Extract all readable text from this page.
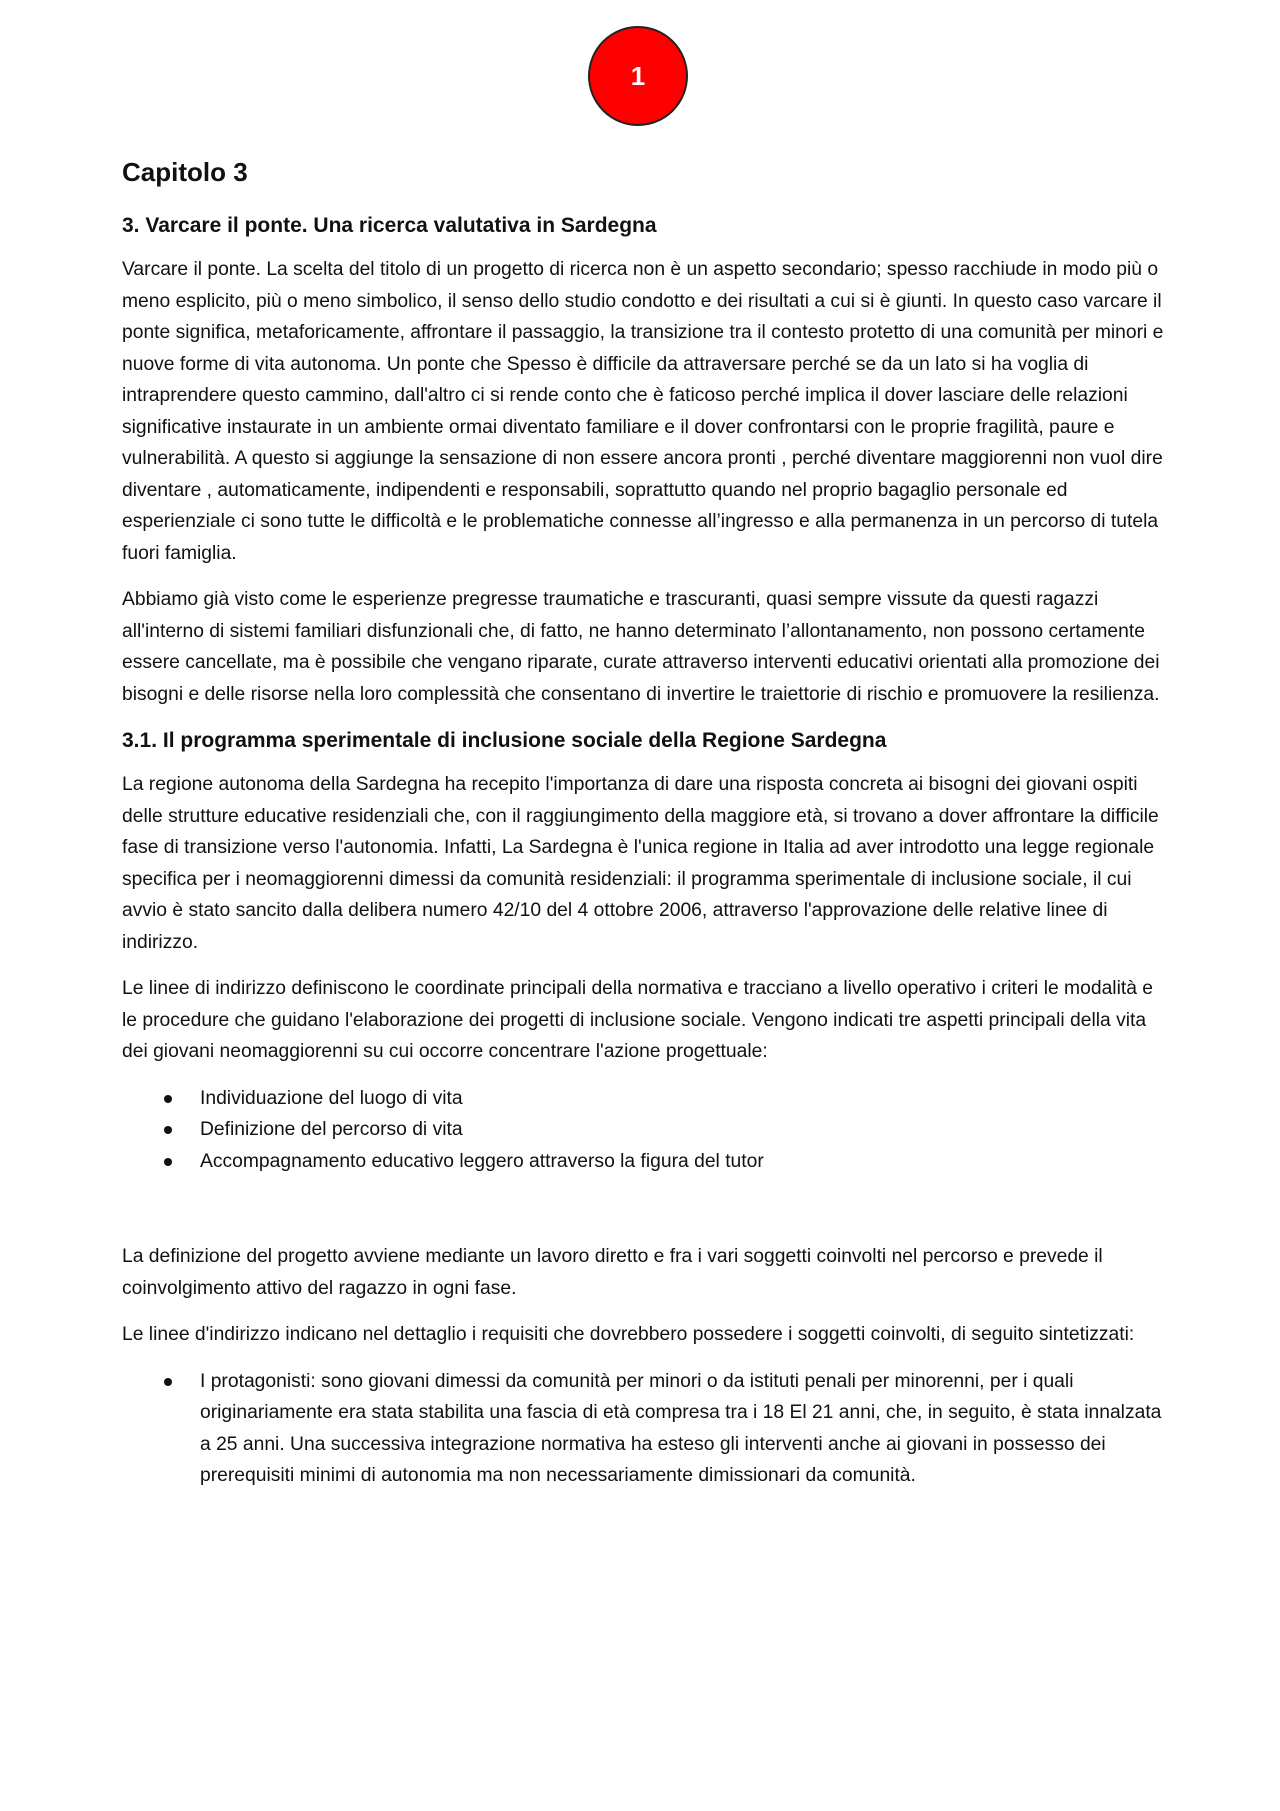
1
Capitolo 3
3. Varcare il ponte. Una ricerca valutativa in Sardegna

Varcare il ponte. La scelta del titolo di un progetto di ricerca non è un aspetto secondario; spesso racchiude in modo più o meno esplicito, più o meno simbolico, il senso dello studio condotto e dei risultati a cui si è giunti. In questo caso varcare il ponte significa, metaforicamente, affrontare il passaggio, la transizione tra il contesto protetto di una comunità per minori e nuove forme di vita autonoma. Un ponte che Spesso è difficile da attraversare perché se da un lato si ha voglia di intraprendere questo cammino, dall'altro ci si rende conto che è faticoso perché implica il dover lasciare delle relazioni significative instaurate in un ambiente ormai diventato familiare e il dover confrontarsi con le proprie fragilità, paure e vulnerabilità. A questo si aggiunge la sensazione di non essere ancora pronti , perché diventare maggiorenni non vuol dire diventare , automaticamente, indipendenti e responsabili, soprattutto quando nel proprio bagaglio personale ed esperienziale ci sono tutte le difficoltà e le problematiche connesse all’ingresso e alla permanenza in un percorso di tutela fuori famiglia.

Abbiamo già visto come le esperienze pregresse traumatiche e trascuranti, quasi sempre vissute da questi ragazzi all'interno di sistemi familiari disfunzionali che, di fatto, ne hanno determinato l’allontanamento, non possono certamente essere cancellate, ma è possibile che vengano riparate, curate attraverso interventi educativi orientati alla promozione dei bisogni e delle risorse nella loro complessità che consentano di invertire le traiettorie di rischio e promuovere la resilienza.

3.1. Il programma sperimentale di inclusione sociale della Regione Sardegna

La regione autonoma della Sardegna ha recepito l'importanza di dare una risposta concreta ai bisogni dei giovani ospiti delle strutture educative residenziali che, con il raggiungimento della maggiore età, si trovano a dover affrontare la difficile fase di transizione verso l'autonomia. Infatti, La Sardegna è l'unica regione in Italia ad aver introdotto una legge regionale specifica per i neomaggiorenni dimessi da comunità residenziali: il programma sperimentale di inclusione sociale, il cui avvio è stato sancito dalla delibera numero 42/10 del 4 ottobre 2006, attraverso l'approvazione delle relative linee di indirizzo.

Le linee di indirizzo definiscono le coordinate principali della normativa e tracciano a livello operativo i criteri le modalità e le procedure che guidano l'elaborazione dei progetti di inclusione sociale. Vengono indicati tre aspetti principali della vita dei giovani neomaggiorenni su cui occorre concentrare l'azione progettuale:

Individuazione del luogo di vita
Definizione del percorso di vita
Accompagnamento educativo leggero attraverso la figura del tutor

La definizione del progetto avviene mediante un lavoro diretto e fra i vari soggetti coinvolti nel percorso e prevede il coinvolgimento attivo del ragazzo in ogni fase.

Le linee d'indirizzo indicano nel dettaglio i requisiti che dovrebbero possedere i soggetti coinvolti, di seguito sintetizzati:

I protagonisti: sono giovani dimessi da comunità per minori o da istituti penali per minorenni, per i quali originariamente era stata stabilita una fascia di età compresa tra i 18 El 21 anni, che, in seguito, è stata innalzata a 25 anni. Una successiva integrazione normativa ha esteso gli interventi anche ai giovani in possesso dei prerequisiti minimi di autonomia ma non necessariamente dimissionari da comunità.
